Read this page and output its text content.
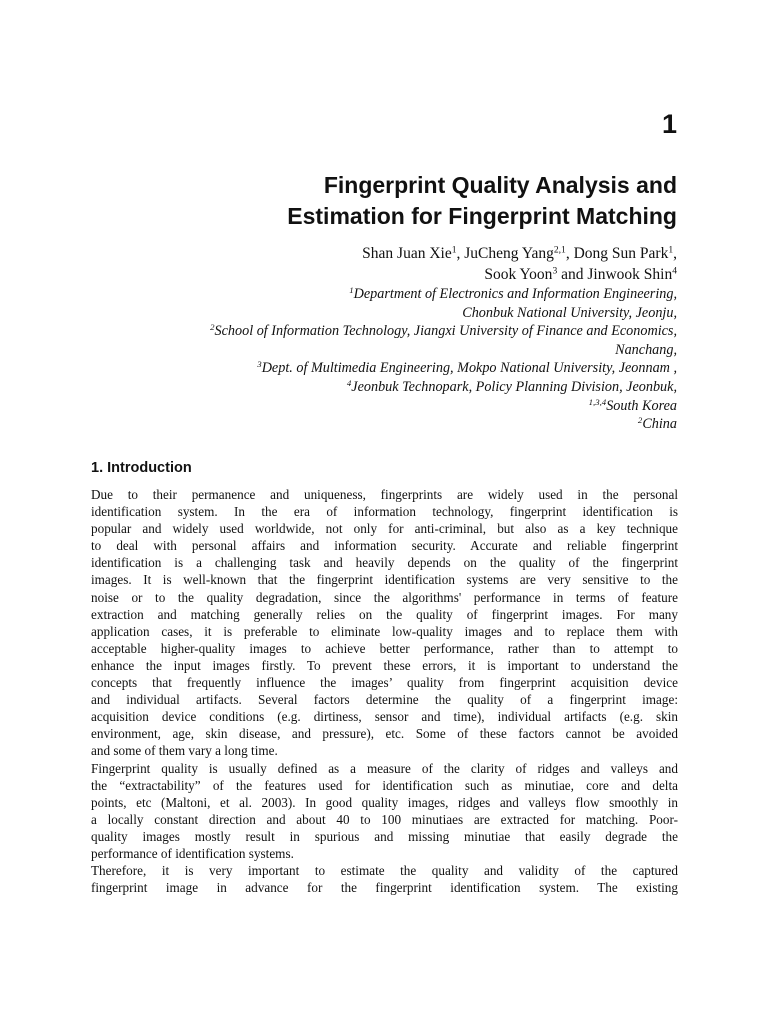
1
Fingerprint Quality Analysis and
Estimation for Fingerprint Matching
Shan Juan Xie$^1$, JuCheng Yang$^{2,1}$, Dong Sun Park$^1$,
Sook Yoon$^3$ and Jinwook Shin$^4$
$^1$Department of Electronics and Information Engineering,
Chonbuk National University, Jeonju,
$^2$School of Information Technology, Jiangxi University of Finance and Economics,
Nanchang,
$^3$Dept. of Multimedia Engineering, Mokpo National University, Jeonnam ,
$^4$Jeonbuk Technopark, Policy Planning Division, Jeonbuk,
$^{1,3,4}$South Korea
$^2$China
1. Introduction

Due to their permanence and uniqueness, fingerprints are widely used in the personal
identification system. In the era of information technology, fingerprint identification is
popular and widely used worldwide, not only for anti-criminal, but also as a key technique
to deal with personal affairs and information security. Accurate and reliable fingerprint
identification is a challenging task and heavily depends on the quality of the fingerprint
images. It is well-known that the fingerprint identification systems are very sensitive to the
noise or to the quality degradation, since the algorithms' performance in terms of feature
extraction and matching generally relies on the quality of fingerprint images. For many
application cases, it is preferable to eliminate low-quality images and to replace them with
acceptable higher-quality images to achieve better performance, rather than to attempt to
enhance the input images firstly. To prevent these errors, it is important to understand the
concepts that frequently influence the images’ quality from fingerprint acquisition device
and individual artifacts. Several factors determine the quality of a fingerprint image:
acquisition device conditions (e.g. dirtiness, sensor and time), individual artifacts (e.g. skin
environment, age, skin disease, and pressure), etc. Some of these factors cannot be avoided
and some of them vary a long time.

Fingerprint quality is usually defined as a measure of the clarity of ridges and valleys and
the “extractability” of the features used for identification such as minutiae, core and delta
points, etc (Maltoni, et al. 2003). In good quality images, ridges and valleys flow smoothly in
a locally constant direction and about 40 to 100 minutiaes are extracted for matching. Poor-
quality images mostly result in spurious and missing minutiae that easily degrade the
performance of identification systems.

Therefore, it is very important to estimate the quality and validity of the captured
fingerprint image in advance for the fingerprint identification system. The existing
